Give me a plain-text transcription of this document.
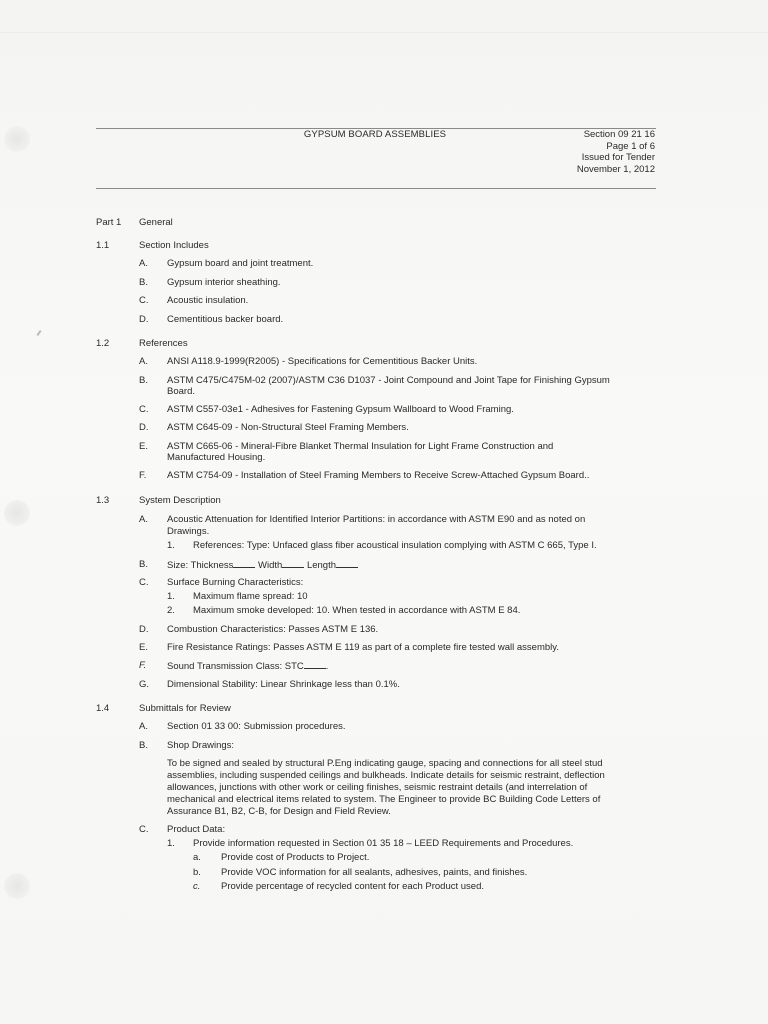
GYPSUM BOARD ASSEMBLIES	Section 09 21 16
Page 1 of 6
Issued for Tender
November 1, 2012
Part 1 General
1.1	Section Includes
A.	Gypsum board and joint treatment.
B.	Gypsum interior sheathing.
C.	Acoustic insulation.
D.	Cementitious backer board.
1.2	References
A.	ANSI A118.9-1999(R2005) - Specifications for Cementitious Backer Units.
B.	ASTM C475/C475M-02 (2007)/ASTM C36 D1037 - Joint Compound and Joint Tape for Finishing Gypsum
Board.
C.	ASTM C557-03e1 - Adhesives for Fastening Gypsum Wallboard to Wood Framing.
D.	ASTM C645-09 - Non-Structural Steel Framing Members.
E.	ASTM C665-06 - Mineral-Fibre Blanket Thermal Insulation for Light Frame Construction and
Manufactured Housing.
F.	ASTM C754-09 - Installation of Steel Framing Members to Receive Screw-Attached Gypsum Board..
1.3	System Description
A.	Acoustic Attenuation for Identified Interior Partitions: in accordance with ASTM E90 and as noted on
Drawings.
1. References: Type: Unfaced glass fiber acoustical insulation complying with ASTM C 665, Type I.
B.	Size: Thickness	Width	Length
C.	Surface Burning Characteristics:
1. Maximum flame spread: 10
2. Maximum smoke developed: 10. When tested in accordance with ASTM E 84.
D.	Combustion Characteristics: Passes ASTM E 136.
E.	Fire Resistance Ratings: Passes ASTM E 119 as part of a complete fire tested wall assembly.
F.	Sound Transmission Class: STC .
G.	Dimensional Stability: Linear Shrinkage less than 0.1%.
1.4	Submittals for Review
A.	Section 01 33 00: Submission procedures.
B.	Shop Drawings:
To be signed and sealed by structural P.Eng indicating gauge, spacing and connections for all steel stud
assemblies, including suspended ceilings and bulkheads. Indicate details for seismic restraint, deflection
allowances, junctions with other work or ceiling finishes, seismic restraint details (and interrelation of
mechanical and electrical items related to system. The Engineer to provide BC Building Code Letters of
Assurance B1, B2, C-B, for Design and Field Review.
C.	Product Data:
1. Provide information requested in Section 01 35 18 – LEED Requirements and Procedures.
a. Provide cost of Products to Project.
b. Provide VOC information for all sealants, adhesives, paints, and finishes.
c. Provide percentage of recycled content for each Product used.
